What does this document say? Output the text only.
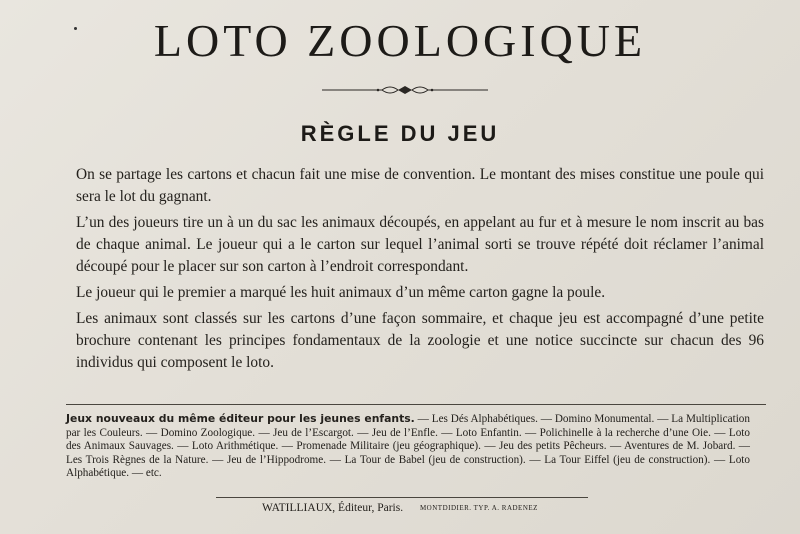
LOTO ZOOLOGIQUE
RÈGLE DU JEU

On se partage les cartons et chacun fait une mise de convention. Le montant des mises constitue une poule qui sera le lot du gagnant.

L’un des joueurs tire un à un du sac les animaux découpés, en appelant au fur et à mesure le nom inscrit au bas de chaque animal. Le joueur qui a le carton sur lequel l’animal sorti se trouve répété doit réclamer l’animal découpé pour le placer sur son carton à l’endroit correspondant.

Le joueur qui le premier a marqué les huit animaux d’un même carton gagne la poule.

Les animaux sont classés sur les cartons d’une façon sommaire, et chaque jeu est accompagné d’une petite brochure contenant les principes fondamentaux de la zoologie et une notice succincte sur chacun des 96 individus qui composent le loto.

Jeux nouveaux du même éditeur pour les jeunes enfants. — Les Dés Alphabétiques. — Domino Monumental. — La Multiplication par les Couleurs. — Domino Zoologique. — Jeu de l’Escargot. — Jeu de l’Enfle. — Loto Enfantin. — Polichinelle à la recherche d’une Oie. — Loto des Animaux Sauvages. — Loto Arithmétique. — Promenade Militaire (jeu géographique). — Jeu des petits Pêcheurs. — Aventures de M. Jobard. — Les Trois Règnes de la Nature. — Jeu de l’Hippodrome. — La Tour de Babel (jeu de construction). — La Tour Eiffel (jeu de construction). — Loto Alphabétique. — etc.
WATILLIAUX, Éditeur, Paris. MONTDIDIER. TYP. A. RADENEZ
